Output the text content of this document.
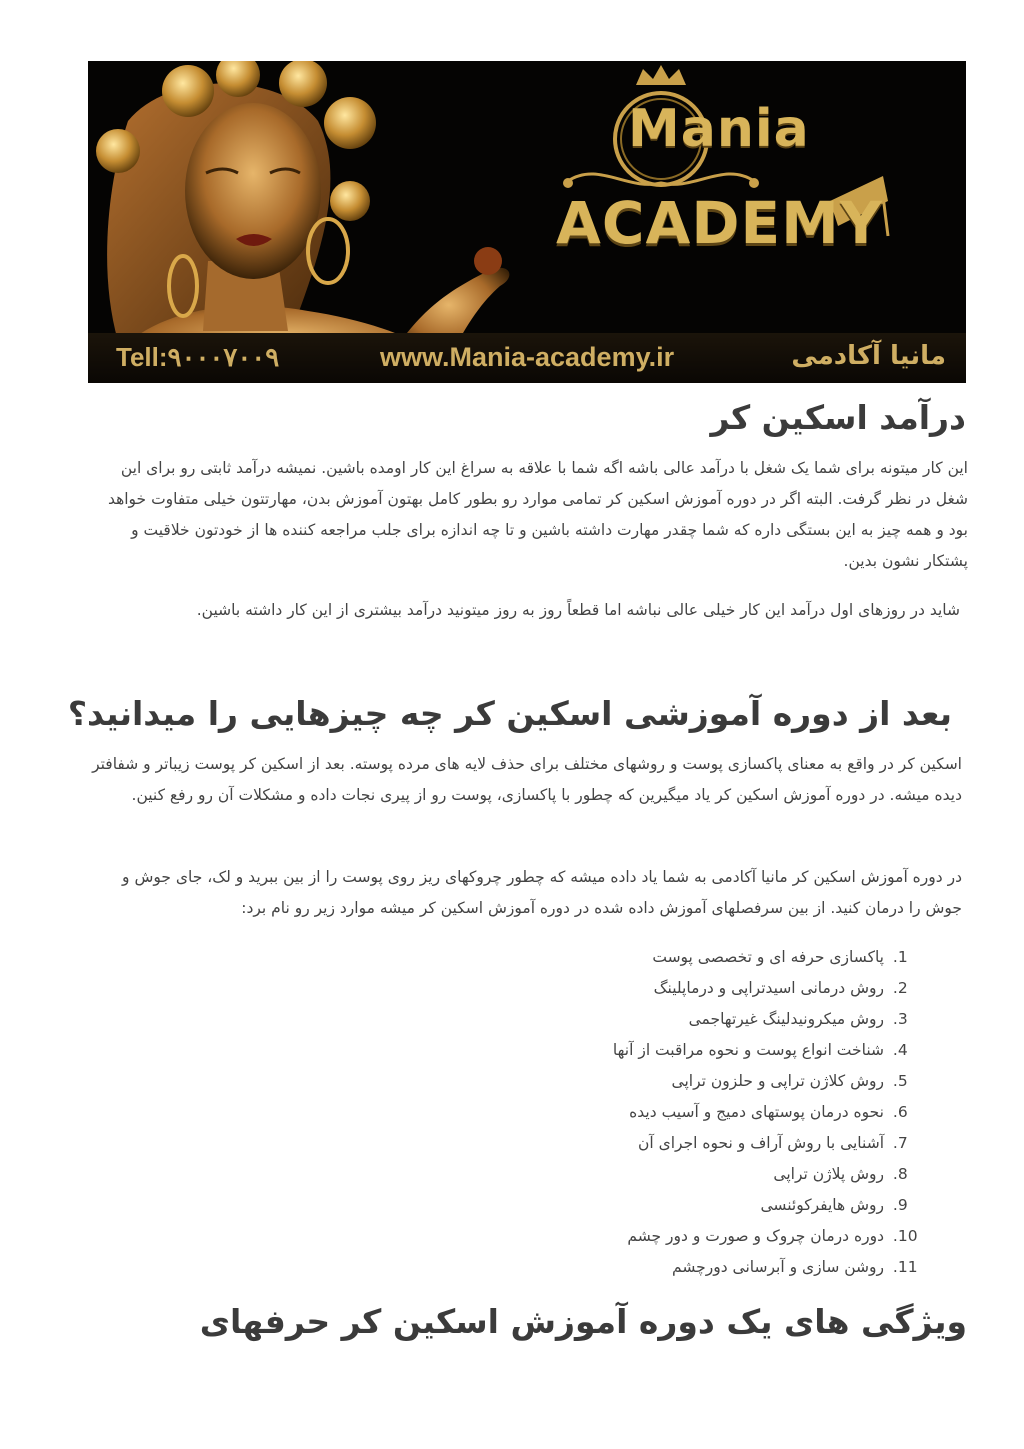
Mania
ACADEMY
Tell:۹۰۰۰۷۰۰۹	www.Mania-academy.ir	مانیا آکادمی
درآمد اسکین کر

این کار میتونه برای شما یک شغل با درآمد عالی باشه اگه شما با علاقه به سراغ این کار اومده باشین. نمیشه درآمد ثابتی رو برای این شغل در نظر گرفت. البته اگر در دوره آموزش اسکین کر تمامی موارد رو بطور کامل بهتون آموزش بدن، مهارتتون خیلی متفاوت خواهد بود و همه چیز به این بستگی داره که شما چقدر مهارت داشته باشین و تا چه اندازه برای جلب مراجعه کننده ها از خودتون خلاقیت و پشتکار نشون بدین.

شاید در روزهای اول درآمد این کار خیلی عالی نباشه اما قطعاً روز به روز میتونید درآمد بیشتری از این کار داشته باشین.

بعد از دوره آموزشی اسکین کر چه چیزهایی را میدانید؟

اسکین کر در واقع به معنای پاکسازی پوست و روشهای مختلف برای حذف لایه های مرده پوسته. بعد از اسکین کر پوست زیباتر و شفافتر دیده میشه. در دوره آموزش اسکین کر یاد میگیرین که چطور با پاکسازی، پوست رو از پیری نجات داده و مشکلات آن رو رفع کنین.

در دوره آموزش اسکین کر مانیا آکادمی به شما یاد داده میشه که چطور چروکهای ریز روی پوست را از بین ببرید و لک، جای جوش و جوش را درمان کنید. از بین سرفصلهای آموزش داده شده در دوره آموزش اسکین کر میشه موارد زیر رو نام برد:

1. پاکسازی حرفه ای و تخصصی پوست
2. روش درمانی اسیدتراپی و درماپلینگ
3. روش میکرونیدلینگ غیرتهاجمی
4. شناخت انواع پوست و نحوه مراقبت از آنها
5. روش کلاژن تراپی و حلزون تراپی
6. نحوه درمان پوستهای دمیج و آسیب دیده
7. آشنایی با روش آراف و نحوه اجرای آن
8. روش پلاژن تراپی
9. روش هایفرکوئنسی
10. دوره درمان چروک و صورت و دور چشم
11. روشن سازی و آبرسانی دورچشم
ویژگی های یک دوره آموزش اسکین کر حرفهای
